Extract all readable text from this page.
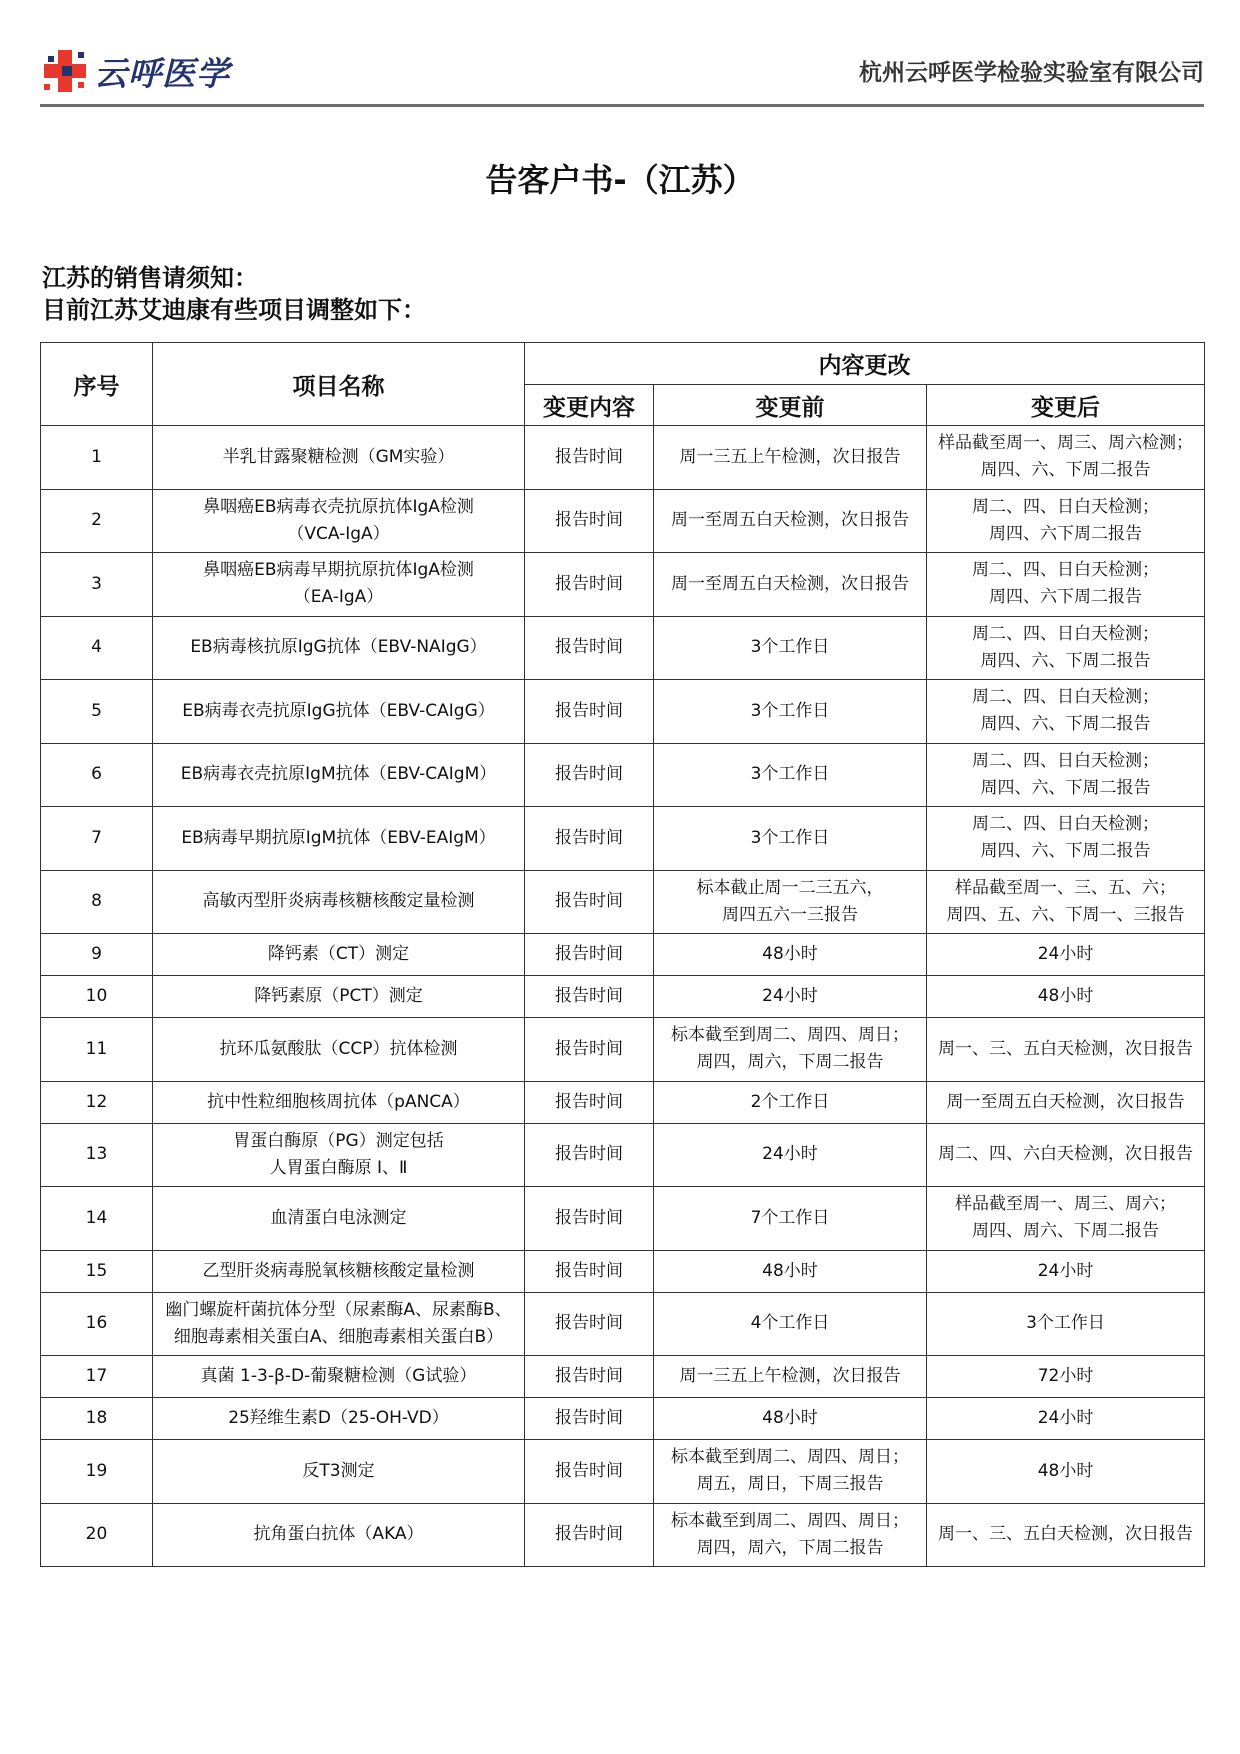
云呼医学	杭州云呼医学检验实验室有限公司
告客户书-（江苏）
江苏的销售请须知：
目前江苏艾迪康有些项目调整如下：
序号	项目名称	内容更改		
		变更内容	变更前	变更后
1	半乳甘露聚糖检测（GM实验）	报告时间	周一三五上午检测，次日报告	样品截至周一、周三、周六检测；
周四、六、下周二报告

2	鼻咽癌EB病毒衣壳抗原抗体IgA检测
（VCA-IgA）	报告时间	周一至周五白天检测，次日报告	周二、四、日白天检测；
周四、六下周二报告

3	鼻咽癌EB病毒早期抗原抗体IgA检测
（EA-IgA）	报告时间	周一至周五白天检测，次日报告	周二、四、日白天检测；
周四、六下周二报告

4	EB病毒核抗原IgG抗体（EBV-NAIgG）	报告时间	3个工作日	周二、四、日白天检测；
周四、六、下周二报告

5	EB病毒衣壳抗原IgG抗体（EBV-CAIgG）	报告时间	3个工作日	周二、四、日白天检测；
周四、六、下周二报告

6	EB病毒衣壳抗原IgM抗体（EBV-CAIgM）	报告时间	3个工作日	周二、四、日白天检测；
周四、六、下周二报告

7	EB病毒早期抗原IgM抗体（EBV-EAIgM）	报告时间	3个工作日	周二、四、日白天检测；
周四、六、下周二报告

8	高敏丙型肝炎病毒核糖核酸定量检测	报告时间	标本截止周一二三五六，
周四五六一三报告	样品截至周一、三、五、六；
周四、五、六、下周一、三报告

9	降钙素（CT）测定	报告时间	48小时	24小时

10	降钙素原（PCT）测定	报告时间	24小时	48小时

11	抗环瓜氨酸肽（CCP）抗体检测	报告时间	标本截至到周二、周四、周日；
周四，周六，下周二报告	周一、三、五白天检测，次日报告

12	抗中性粒细胞核周抗体（pANCA）	报告时间	2个工作日	周一至周五白天检测，次日报告

13	胃蛋白酶原（PG）测定包括
人胃蛋白酶原 Ⅰ、Ⅱ	报告时间	24小时	周二、四、六白天检测，次日报告

14	血清蛋白电泳测定	报告时间	7个工作日	样品截至周一、周三、周六；
周四、周六、下周二报告

15	乙型肝炎病毒脱氧核糖核酸定量检测	报告时间	48小时	24小时

16	幽门螺旋杆菌抗体分型（尿素酶A、尿素酶B、
细胞毒素相关蛋白A、细胞毒素相关蛋白B）	报告时间	4个工作日	3个工作日

17	真菌 1-3-β-D-葡聚糖检测（G试验）	报告时间	周一三五上午检测，次日报告	72小时

18	25羟维生素D（25-OH-VD）	报告时间	48小时	24小时

19	反T3测定	报告时间	标本截至到周二、周四、周日；
周五，周日，下周三报告	48小时

20	抗角蛋白抗体（AKA）	报告时间	标本截至到周二、周四、周日；
周四，周六，下周二报告	周一、三、五白天检测，次日报告
